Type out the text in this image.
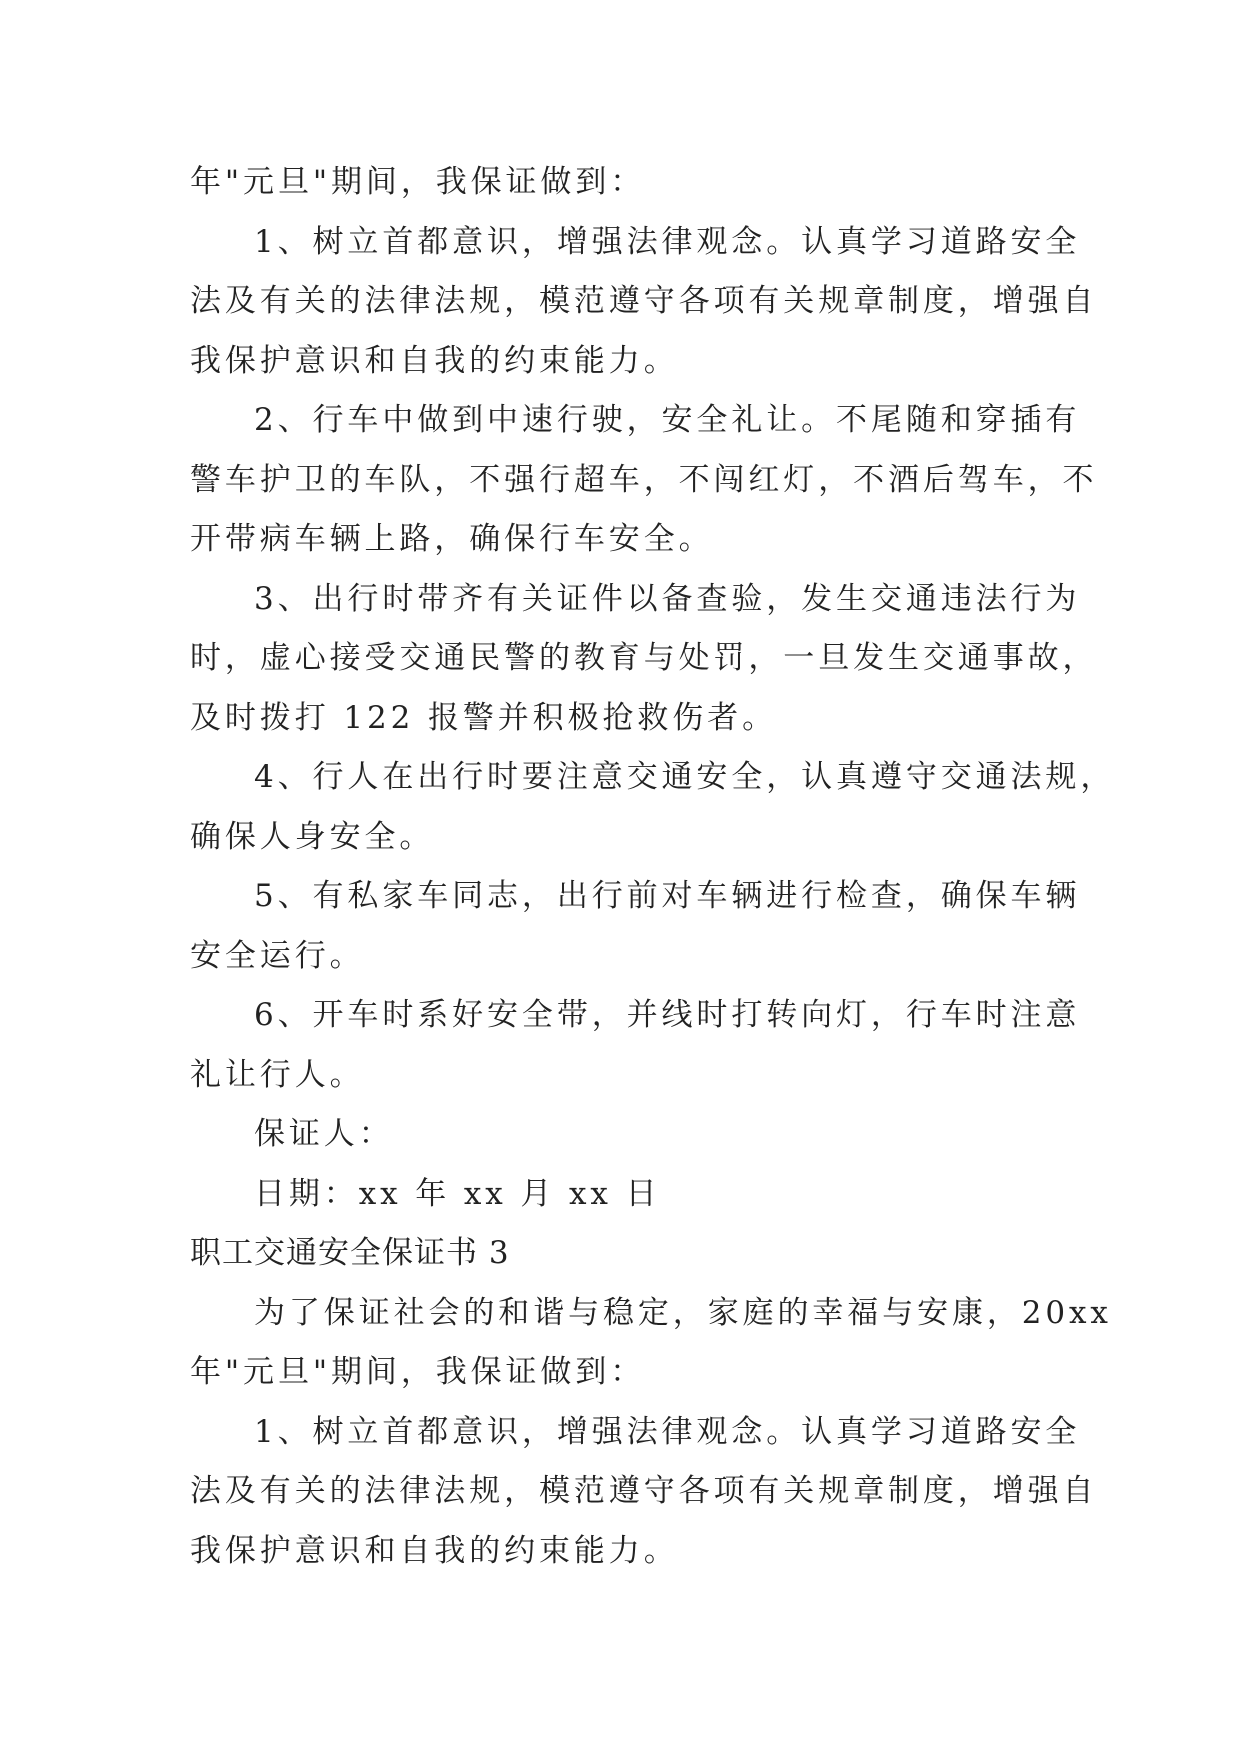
年"元旦"期间，我保证做到：

1、树立首都意识，增强法律观念。认真学习道路安全

法及有关的法律法规，模范遵守各项有关规章制度，增强自

我保护意识和自我的约束能力。

2、行车中做到中速行驶，安全礼让。不尾随和穿插有

警车护卫的车队，不强行超车，不闯红灯，不酒后驾车，不

开带病车辆上路，确保行车安全。

3、出行时带齐有关证件以备查验，发生交通违法行为

时，虚心接受交通民警的教育与处罚，一旦发生交通事故，

及时拨打 122 报警并积极抢救伤者。

4、行人在出行时要注意交通安全，认真遵守交通法规，

确保人身安全。

5、有私家车同志，出行前对车辆进行检查，确保车辆

安全运行。

6、开车时系好安全带，并线时打转向灯，行车时注意

礼让行人。

保证人：

日期：xx 年 xx 月 xx 日

职工交通安全保证书 3

为了保证社会的和谐与稳定，家庭的幸福与安康，20xx

年"元旦"期间，我保证做到：

1、树立首都意识，增强法律观念。认真学习道路安全

法及有关的法律法规，模范遵守各项有关规章制度，增强自

我保护意识和自我的约束能力。
